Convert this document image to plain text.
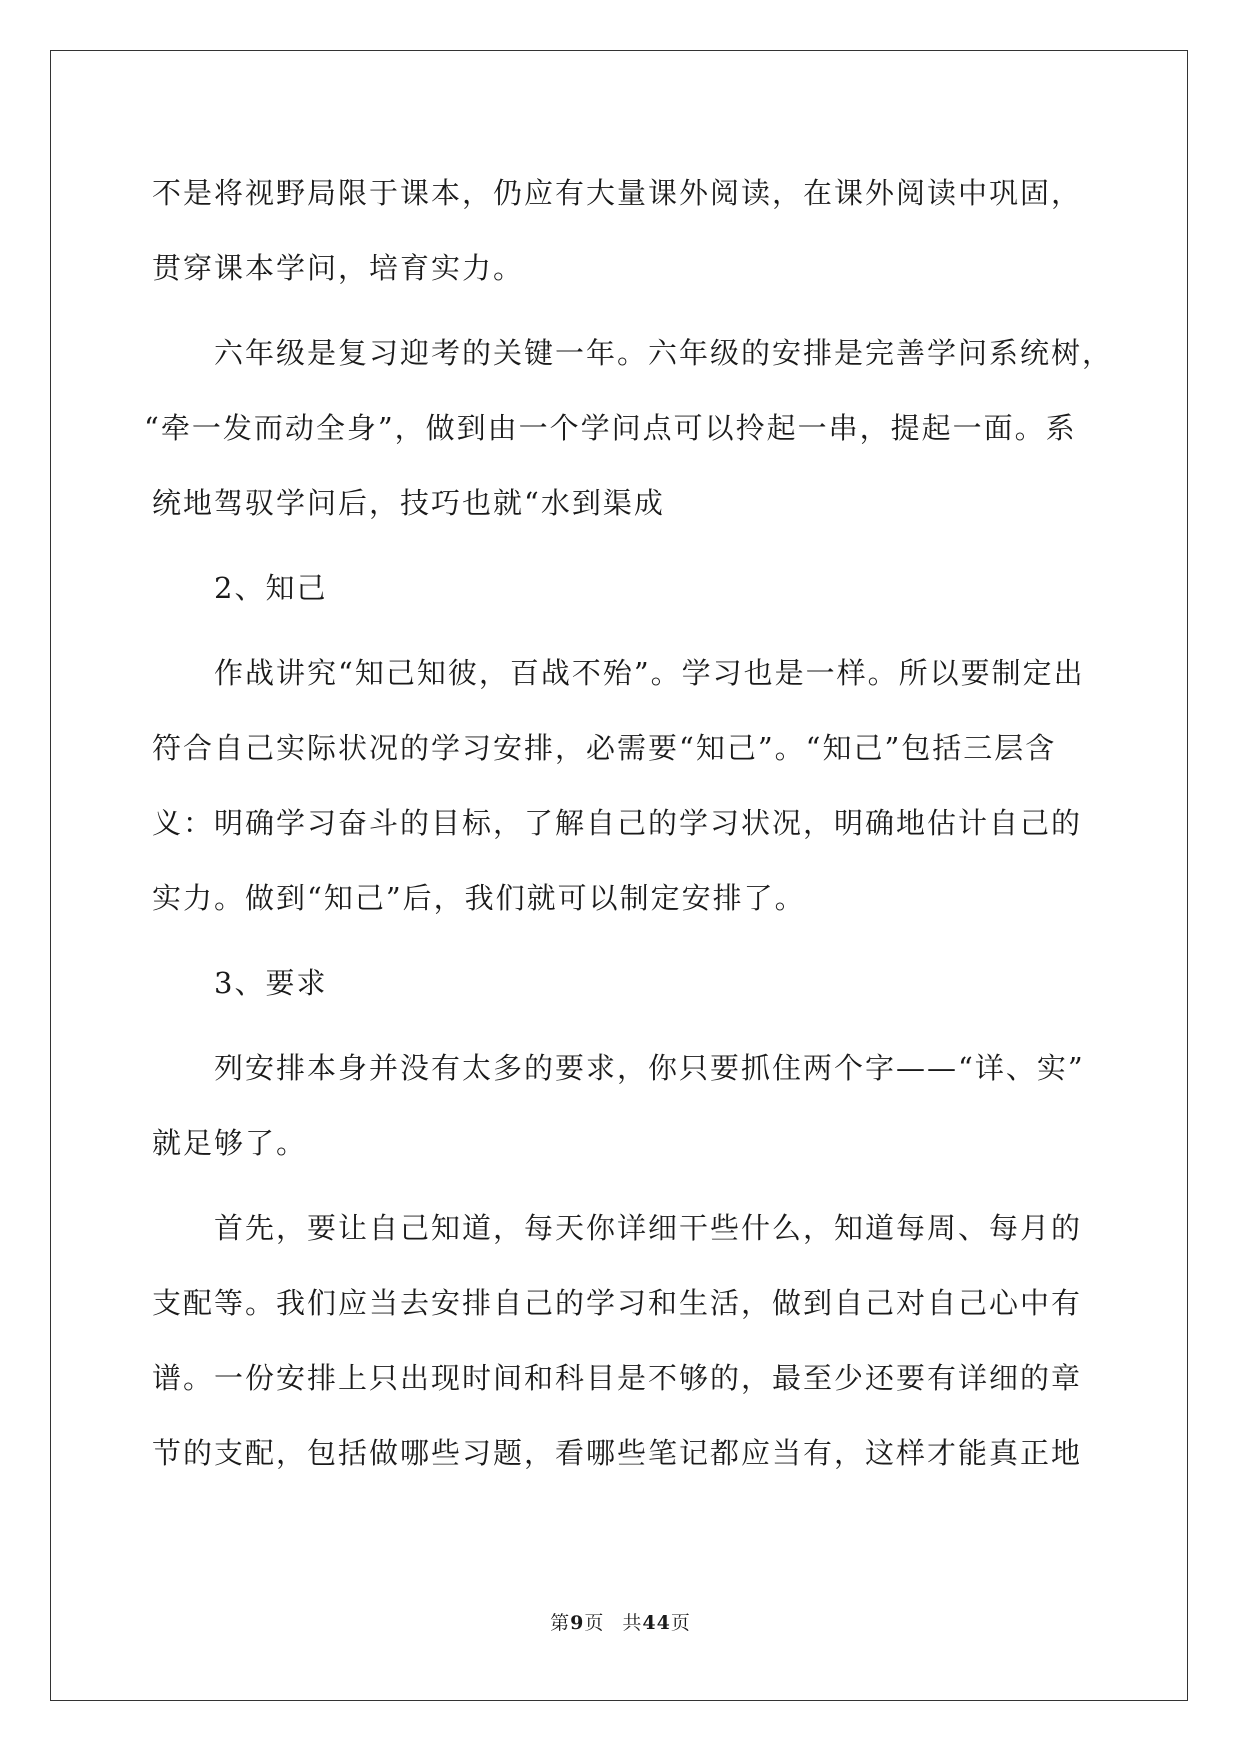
不是将视野局限于课本，仍应有大量课外阅读，在课外阅读中巩固，
贯穿课本学问，培育实力。

六年级是复习迎考的关键一年。六年级的安排是完善学问系统树，
“牵一发而动全身”，做到由一个学问点可以拎起一串，提起一面。系
统地驾驭学问后，技巧也就“水到渠成

2、知己

作战讲究“知己知彼，百战不殆”。学习也是一样。所以要制定出
符合自己实际状况的学习安排，必需要“知己”。“知己”包括三层含
义：明确学习奋斗的目标，了解自己的学习状况，明确地估计自己的
实力。做到“知己”后，我们就可以制定安排了。

3、要求

列安排本身并没有太多的要求，你只要抓住两个字——“详、实”
就足够了。

首先，要让自己知道，每天你详细干些什么，知道每周、每月的
支配等。我们应当去安排自己的学习和生活，做到自己对自己心中有
谱。一份安排上只出现时间和科目是不够的，最至少还要有详细的章
节的支配，包括做哪些习题，看哪些笔记都应当有，这样才能真正地

第9页 共44页
